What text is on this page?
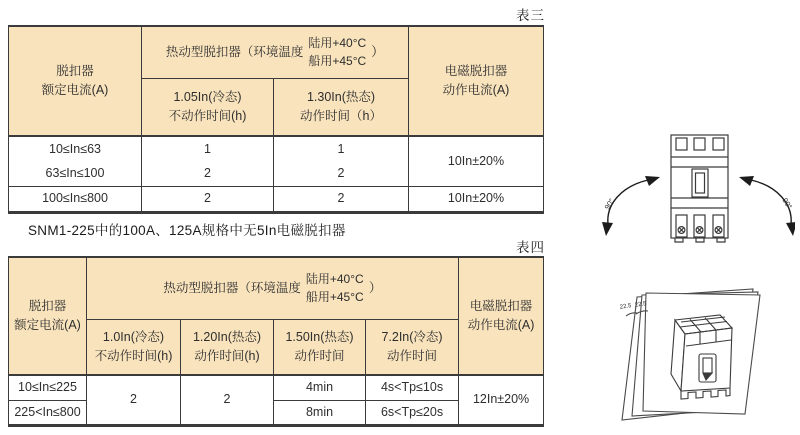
表三
脱扣器
额定电流(A)

热动型脱扣器（环境温度
陆用+40°C
船用+45°C
）

电磁脱扣器
动作电流(A)

1.05In(冷态)
不动作时间(h)

1.30In(热态)
动作时间（h）

10≤In≤63	1	1	10In±20%
63≤In≤100	2	2	
100≤In≤800	2	2	10In±20%
SNM1-225中的100A、125A规格中无5In电磁脱扣器
表四
脱扣器
额定电流(A)

热动型脱扣器（环境温度
陆用+40°C
船用+45°C
）

电磁脱扣器
动作电流(A)

1.0In(冷态)
不动作时间(h)

1.20In(热态)
动作时间(h)

1.50In(热态)
动作时间

7.2In(冷态)
动作时间

10≤In≤225	2	2	4min	4s<Tp≤10s	12In±20%
225<In≤800			8min	6s<Tp≤20s	
90°	90°
22.5 22.5
